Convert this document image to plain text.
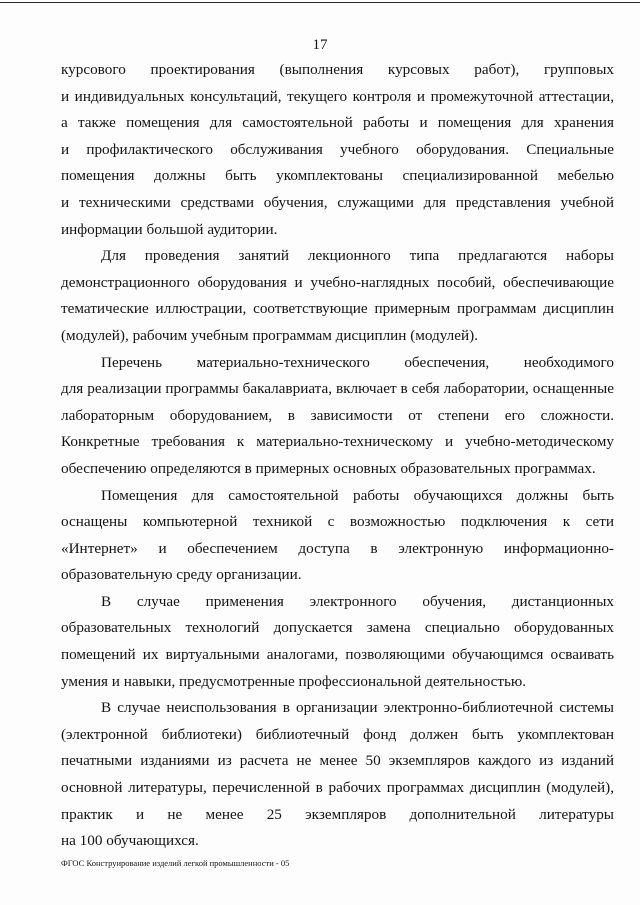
17
курсового проектирования (выполнения курсовых работ), групповых
и индивидуальных консультаций, текущего контроля и промежуточной аттестации,
а также помещения для самостоятельной работы и помещения для хранения
и профилактического обслуживания учебного оборудования. Специальные
помещения должны быть укомплектованы специализированной мебелью
и техническими средствами обучения, служащими для представления учебной
информации большой аудитории.
Для проведения занятий лекционного типа предлагаются наборы
демонстрационного оборудования и учебно-наглядных пособий, обеспечивающие
тематические иллюстрации, соответствующие примерным программам дисциплин
(модулей), рабочим учебным программам дисциплин (модулей).
Перечень материально-технического обеспечения, необходимого
для реализации программы бакалавриата, включает в себя лаборатории, оснащенные
лабораторным оборудованием, в зависимости от степени его сложности.
Конкретные требования к материально-техническому и учебно-методическому
обеспечению определяются в примерных основных образовательных программах.
Помещения для самостоятельной работы обучающихся должны быть
оснащены компьютерной техникой с возможностью подключения к сети
«Интернет» и обеспечением доступа в электронную информационно-
образовательную среду организации.
В случае применения электронного обучения, дистанционных
образовательных технологий допускается замена специально оборудованных
помещений их виртуальными аналогами, позволяющими обучающимся осваивать
умения и навыки, предусмотренные профессиональной деятельностью.
В случае неиспользования в организации электронно-библиотечной системы
(электронной библиотеки) библиотечный фонд должен быть укомплектован
печатными изданиями из расчета не менее 50 экземпляров каждого из изданий
основной литературы, перечисленной в рабочих программах дисциплин (модулей),
практик и не менее 25 экземпляров дополнительной литературы
на 100 обучающихся.
ФГОС Конструирование изделий легкой промышленности - 05
